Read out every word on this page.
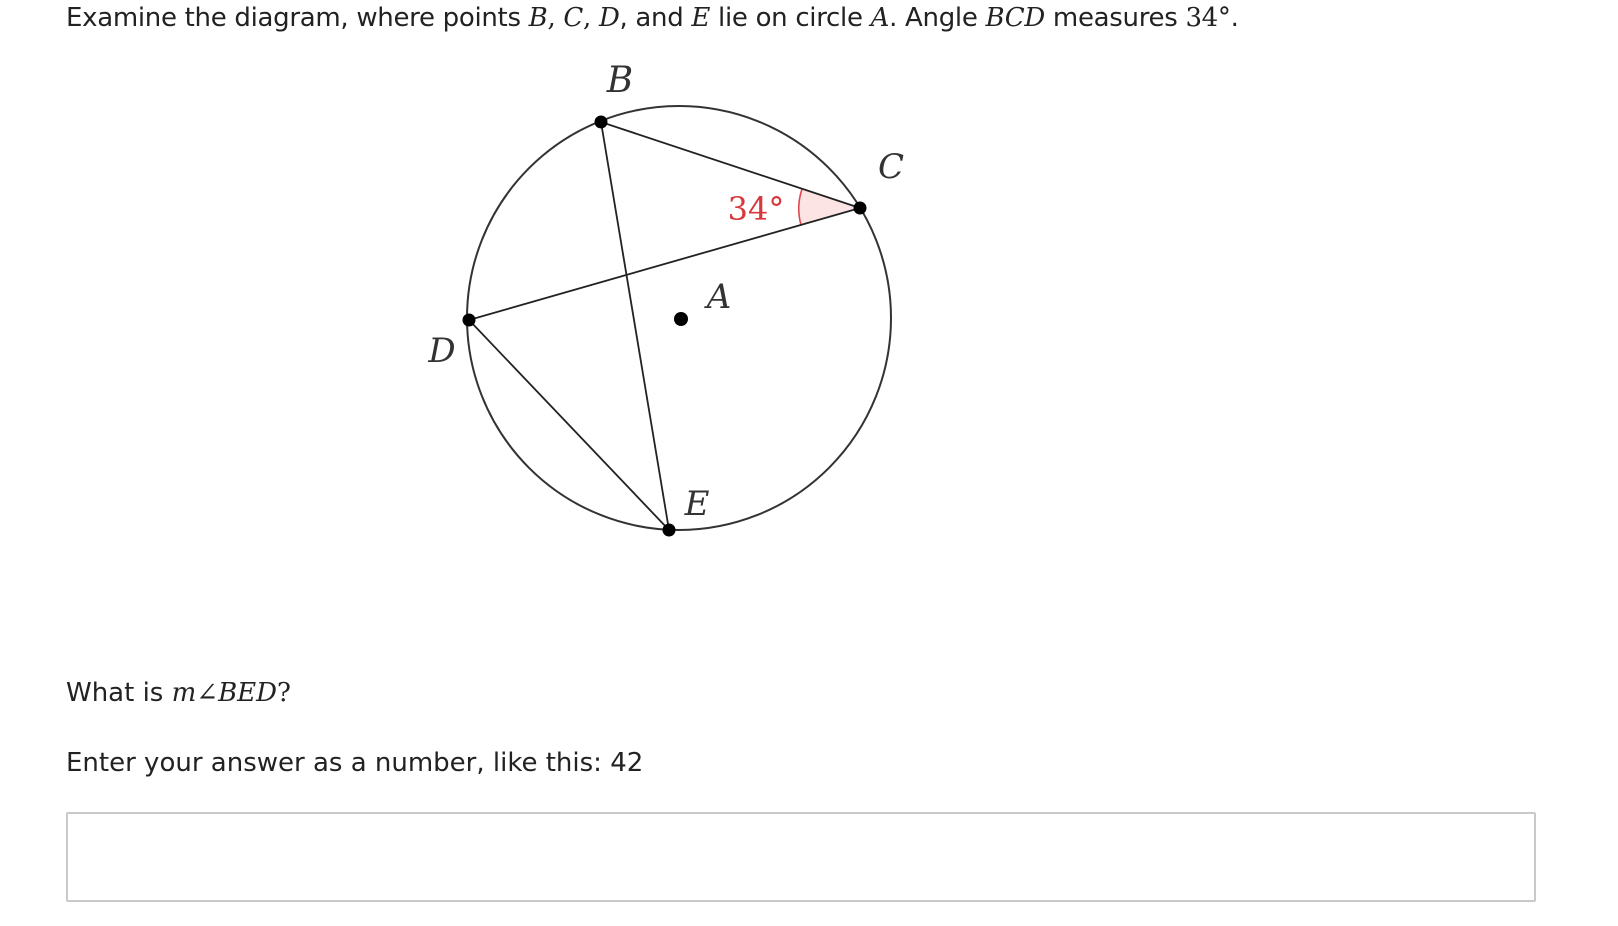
Examine the diagram, where points B, C, D, and E lie on circle A. Angle BCD measures 34°.
B
C
D
E
A
34°
What is m∠BED?
Enter your answer as a number, like this: 42
